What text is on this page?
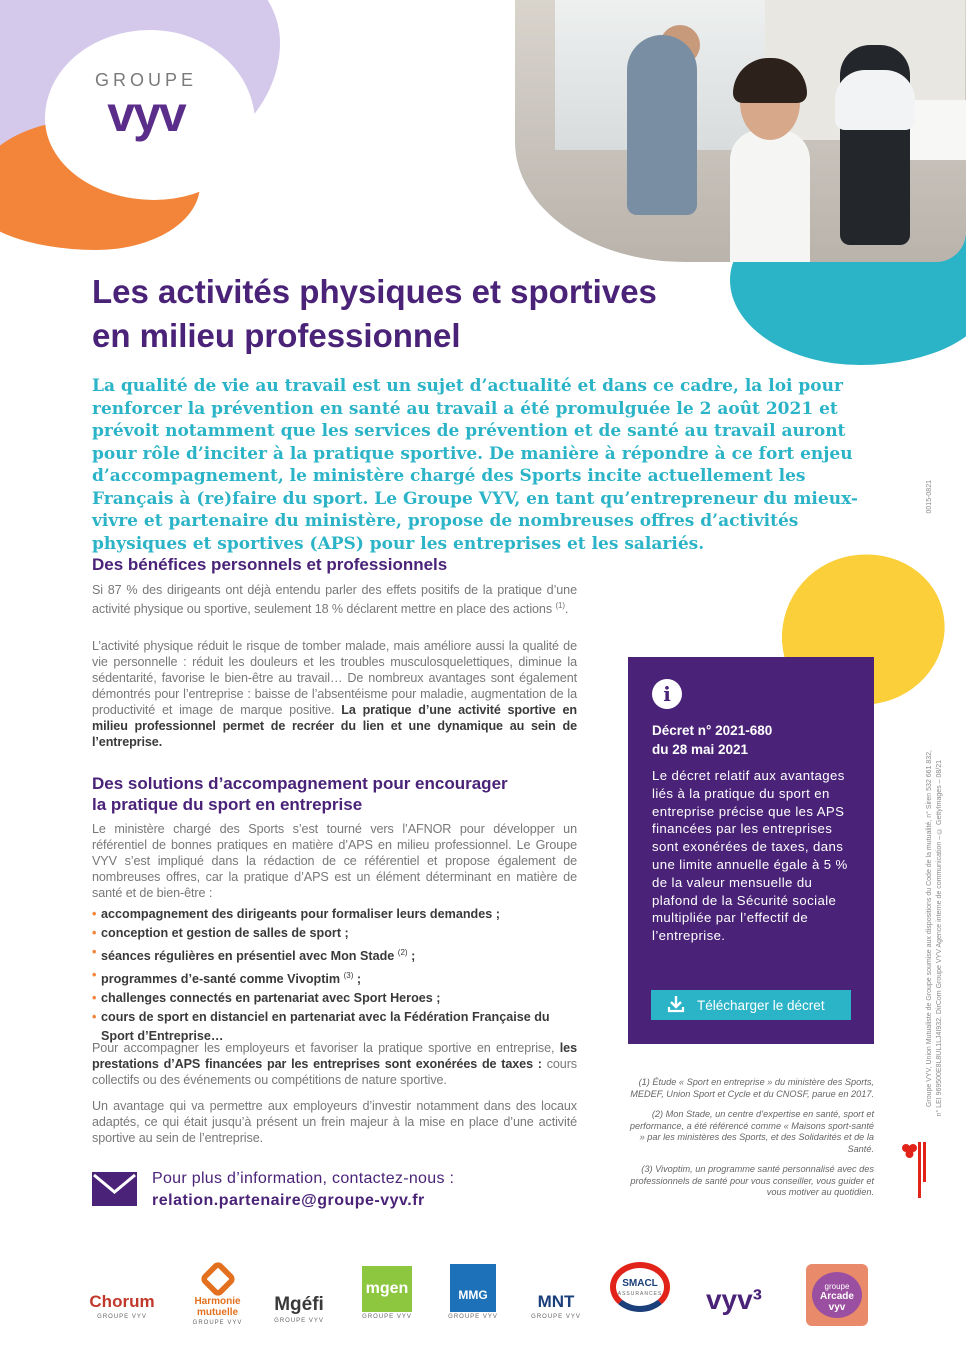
GROUPE
vyv
Les activités physiques et sportives
en milieu professionnel

La qualité de vie au travail est un sujet d’actualité et dans ce cadre, la loi pour renforcer la prévention en santé au travail a été promulguée le 2 août 2021 et prévoit notamment que les services de prévention et de santé au travail auront pour rôle d’inciter à la pratique sportive. De manière à répondre à ce fort enjeu d’accompagnement, le ministère chargé des Sports incite actuellement les Français à (re)faire du sport. Le Groupe VYV, en tant qu’entrepreneur du mieux-vivre et partenaire du ministère, propose de nombreuses offres d’activités physiques et sportives (APS) pour les entreprises et les salariés.

0015-0821
Groupe VYV, Union Mutualiste de Groupe soumise aux dispositions du Code de la mutualité, n° Siren 532 661 832, n° LEI 969500E8L8UL1LJ4I932. DirCom Groupe VYV Agence interne de communication – © GettyImages – 08/21
Des bénéfices personnels et professionnels

Si 87 % des dirigeants ont déjà entendu parler des effets positifs de la pratique d’une activité physique ou sportive, seulement 18 % déclarent mettre en place des actions $^{(1)}$.

L’activité physique réduit le risque de tomber malade, mais améliore aussi la qualité de vie personnelle : réduit les douleurs et les troubles musculosquelettiques, diminue la sédentarité, favorise le bien-être au travail… De nombreux avantages sont également démontrés pour l’entreprise : baisse de l’absentéisme pour maladie, augmentation de la productivité et image de marque positive. La pratique d’une activité sportive en milieu professionnel permet de recréer du lien et une dynamique au sein de l’entreprise.

Des solutions d’accompagnement pour encourager
la pratique du sport en entreprise

Le ministère chargé des Sports s’est tourné vers l’AFNOR pour développer un référentiel de bonnes pratiques en matière d’APS en milieu professionnel. Le Groupe VYV s’est impliqué dans la rédaction de ce référentiel et propose également de nombreuses offres, car la pratique d’APS est un élément déterminant en matière de santé et de bien-être :

• accompagnement des dirigeants pour formaliser leurs demandes ;
• conception et gestion de salles de sport ;
• séances régulières en présentiel avec Mon Stade $^{(2)}$ ;
• programmes d’e-santé comme Vivoptim $^{(3)}$ ;
• challenges connectés en partenariat avec Sport Heroes ;
• cours de sport en distanciel en partenariat avec la Fédération Française du Sport d’Entreprise…

Pour accompagner les employeurs et favoriser la pratique sportive en entreprise, les prestations d’APS financées par les entreprises sont exonérées de taxes : cours collectifs ou des événements ou compétitions de nature sportive.

Un avantage qui va permettre aux employeurs d’investir notamment dans des locaux adaptés, ce qui était jusqu’à présent un frein majeur à la mise en place d’une activité sportive au sein de l’entreprise.

Pour plus d’information, contactez-nous :
relation.partenaire@groupe-vyv.fr
i
Décret n° 2021-680
du 28 mai 2021
Le décret relatif aux avantages liés à la pratique du sport en entreprise précise que les APS financées par les entreprises sont exonérées de taxes, dans une limite annuelle égale à 5 % de la valeur mensuelle du plafond de la Sécurité sociale multipliée par l’effectif de l’entreprise.
Télécharger le décret

(1) Étude « Sport en entreprise » du ministère des Sports, MEDEF, Union Sport et Cycle et du CNOSF, parue en 2017.

(2) Mon Stade, un centre d’expertise en santé, sport et performance, a été référencé comme « Maisons sport-santé » par les ministères des Sports, et des Solidarités et de la Santé.

(3) Vivoptim, un programme santé personnalisé avec des professionnels de santé pour vous conseiller, vous guider et vous motiver au quotidien.

Chorum
GROUPE VYV
Harmonie mutuelle
GROUPE VYV
Mgéfi
GROUPE VYV
mgen
GROUPE VYV
MMG
GROUPE VYV
MNT
GROUPE VYV
SMACL
ASSURANCES	vyv³	groupe
Arcade vyv
